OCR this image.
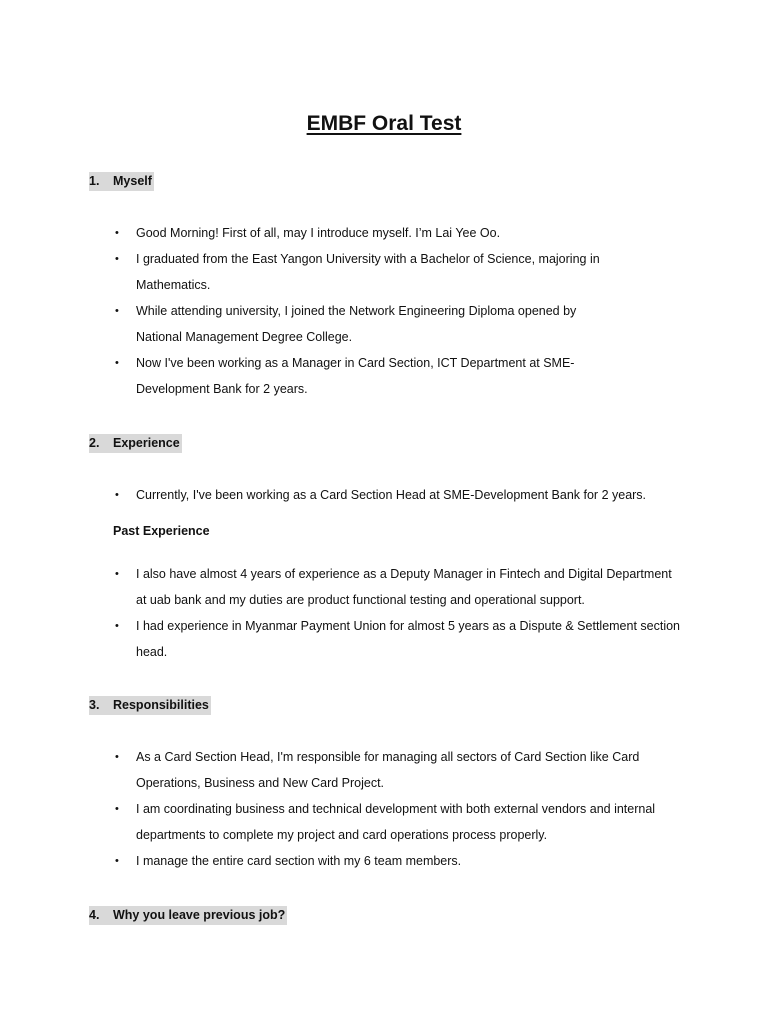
EMBF Oral Test
1. Myself
• Good Morning! First of all, may I introduce myself. I’m Lai Yee Oo.
• I graduated from the East Yangon University with a Bachelor of Science, majoring in Mathematics.
• While attending university, I joined the Network Engineering Diploma opened by National Management Degree College.
• Now I've been working as a Manager in Card Section, ICT Department at SME-Development Bank for 2 years.
2. Experience
• Currently, I've been working as a Card Section Head at SME-Development Bank for 2 years.
Past Experience
• I also have almost 4 years of experience as a Deputy Manager in Fintech and Digital Department at uab bank and my duties are product functional testing and operational support.
• I had experience in Myanmar Payment Union for almost 5 years as a Dispute & Settlement section head.
3. Responsibilities
• As a Card Section Head, I'm responsible for managing all sectors of Card Section like Card Operations, Business and New Card Project.
• I am coordinating business and technical development with both external vendors and internal departments to complete my project and card operations process properly.
• I manage the entire card section with my 6 team members.
4. Why you leave previous job?
